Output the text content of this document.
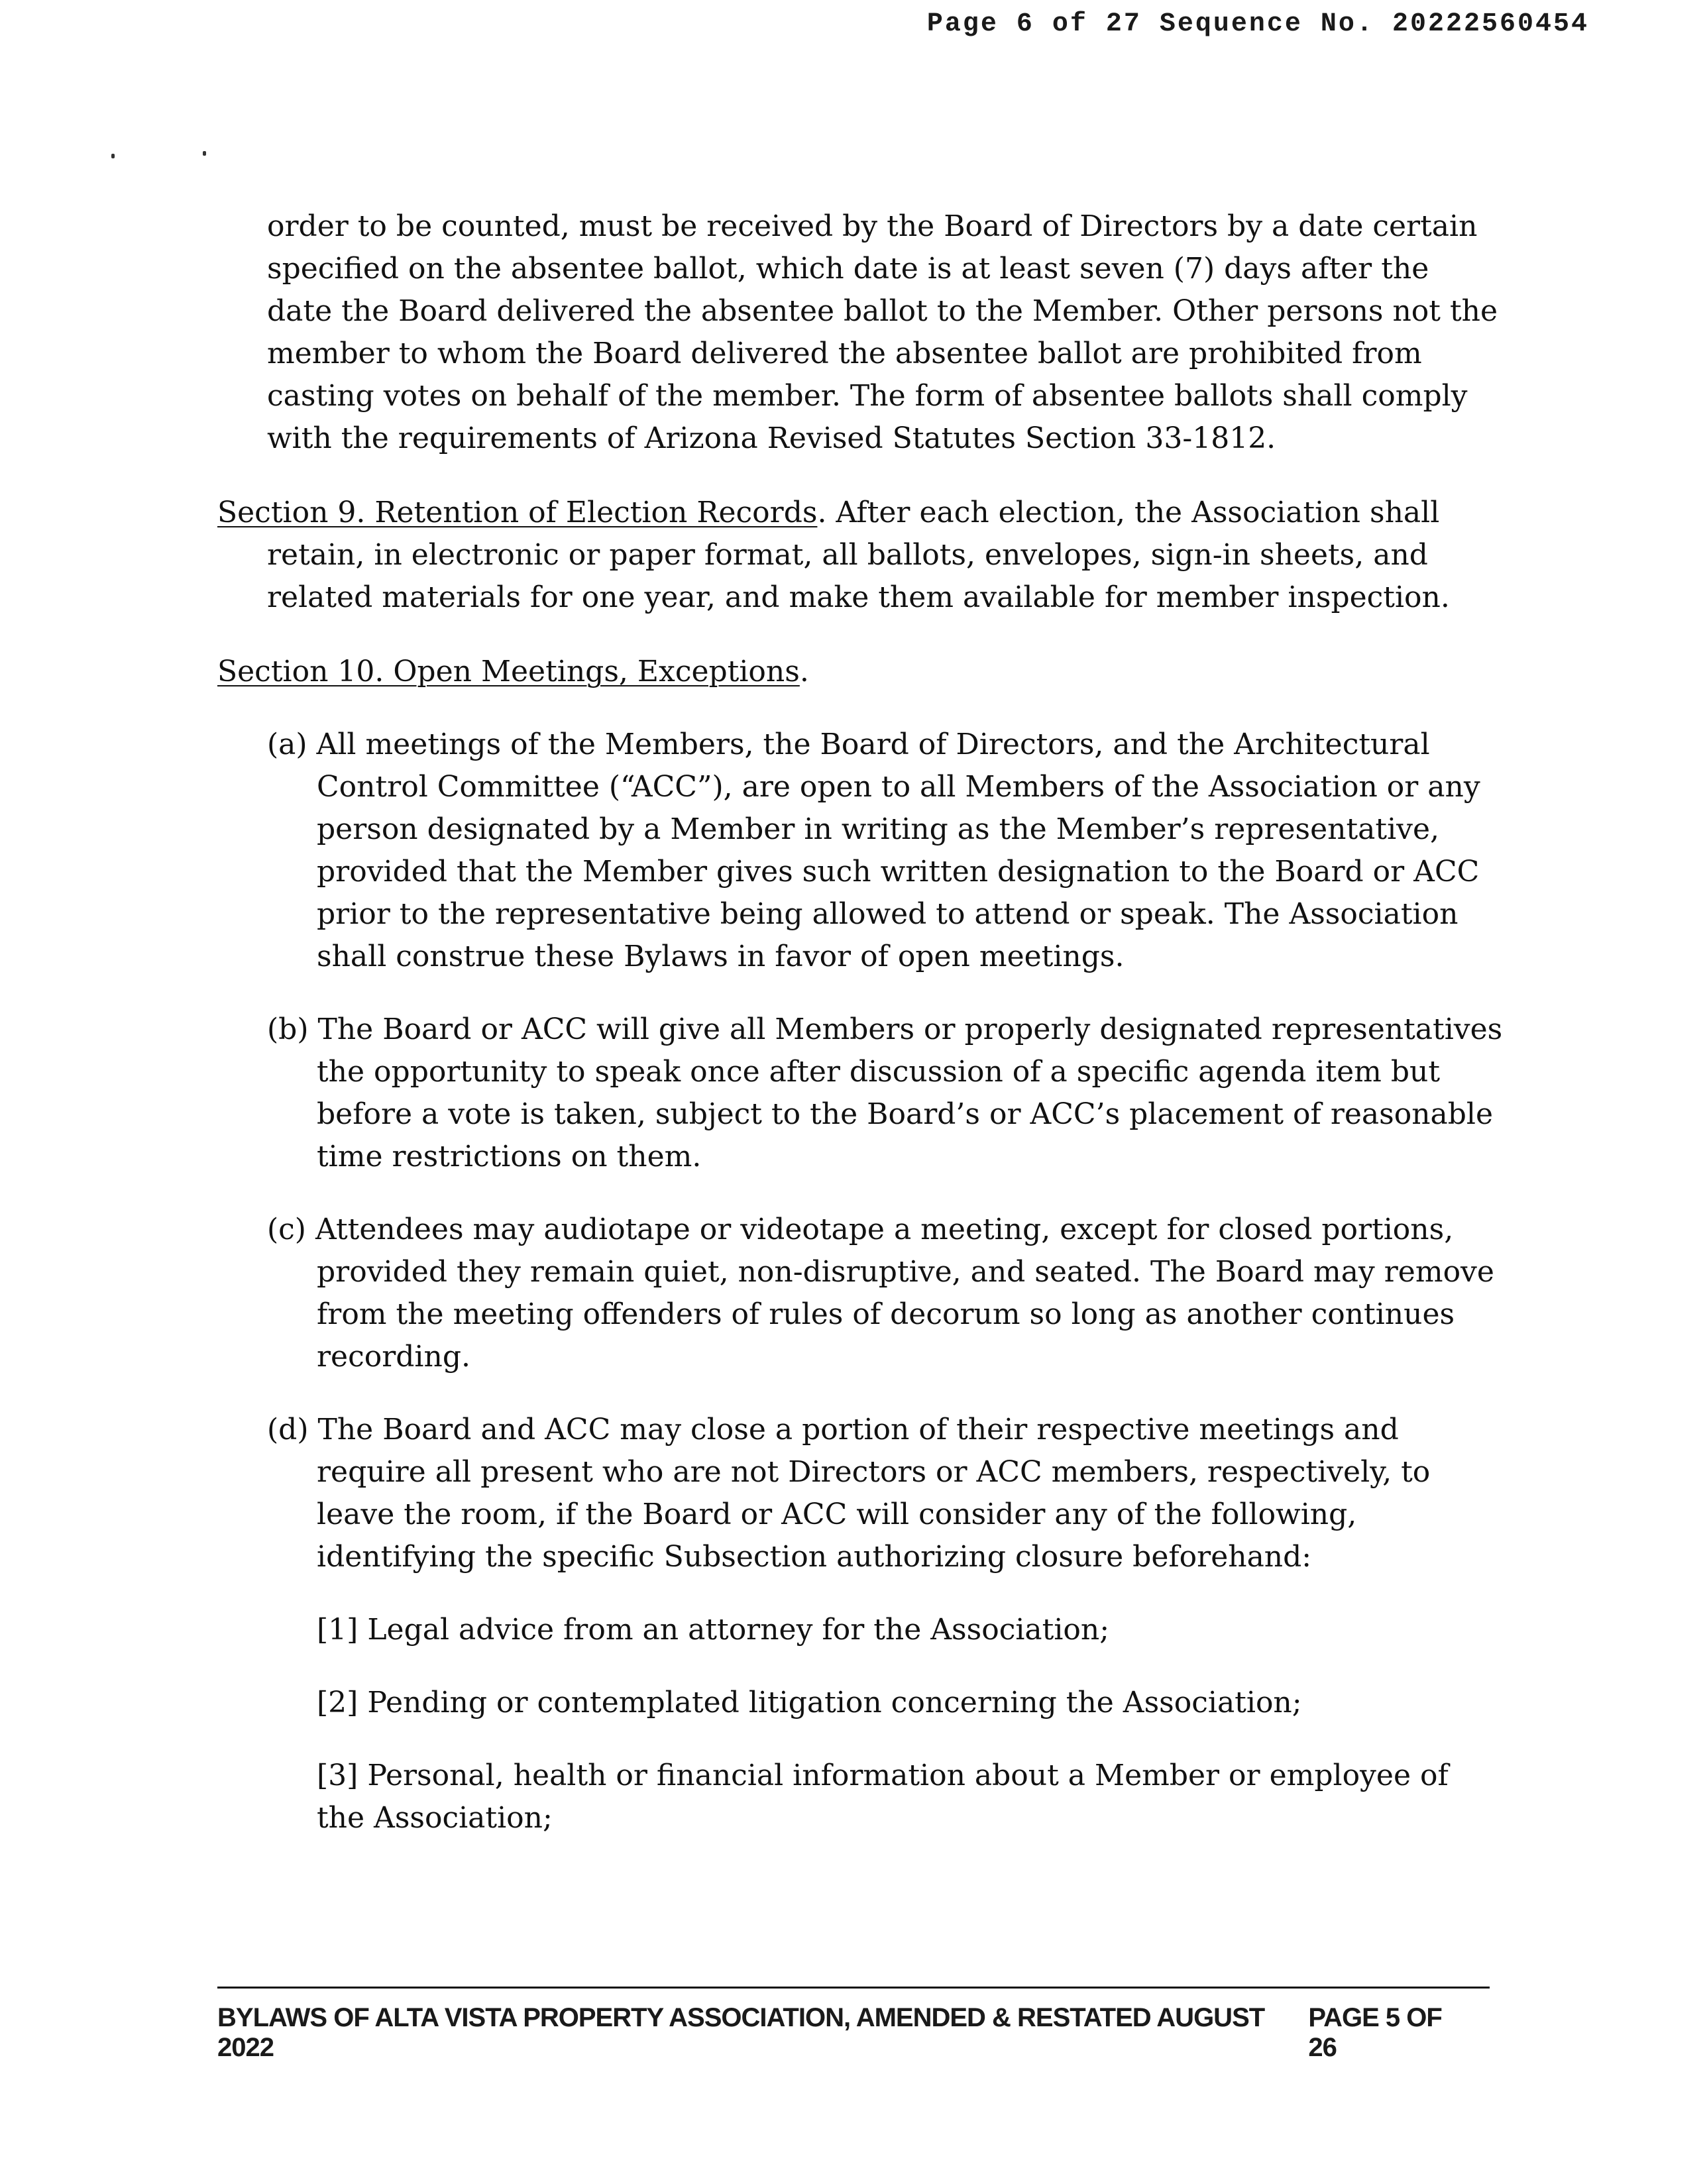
Page 6 of 27 Sequence No. 20222560454

order to be counted, must be received by the Board of Directors by a date certain specified on the absentee ballot, which date is at least seven (7) days after the date the Board delivered the absentee ballot to the Member. Other persons not the member to whom the Board delivered the absentee ballot are prohibited from casting votes on behalf of the member. The form of absentee ballots shall comply with the requirements of Arizona Revised Statutes Section 33-1812.

Section 9. Retention of Election Records. After each election, the Association shall retain, in electronic or paper format, all ballots, envelopes, sign-in sheets, and related materials for one year, and make them available for member inspection.

Section 10. Open Meetings, Exceptions.

(a) All meetings of the Members, the Board of Directors, and the Architectural Control Committee (“ACC”), are open to all Members of the Association or any person designated by a Member in writing as the Member’s representative, provided that the Member gives such written designation to the Board or ACC prior to the representative being allowed to attend or speak. The Association shall construe these Bylaws in favor of open meetings.

(b) The Board or ACC will give all Members or properly designated representatives the opportunity to speak once after discussion of a specific agenda item but before a vote is taken, subject to the Board’s or ACC’s placement of reasonable time restrictions on them.

(c) Attendees may audiotape or videotape a meeting, except for closed portions, provided they remain quiet, non-disruptive, and seated. The Board may remove from the meeting offenders of rules of decorum so long as another continues recording.

(d) The Board and ACC may close a portion of their respective meetings and require all present who are not Directors or ACC members, respectively, to leave the room, if the Board or ACC will consider any of the following, identifying the specific Subsection authorizing closure beforehand:

[1] Legal advice from an attorney for the Association;

[2] Pending or contemplated litigation concerning the Association;

[3] Personal, health or financial information about a Member or employee of the Association;

BYLAWS OF ALTA VISTA PROPERTY ASSOCIATION, AMENDED & RESTATED AUGUST 2022
PAGE 5 OF 26
